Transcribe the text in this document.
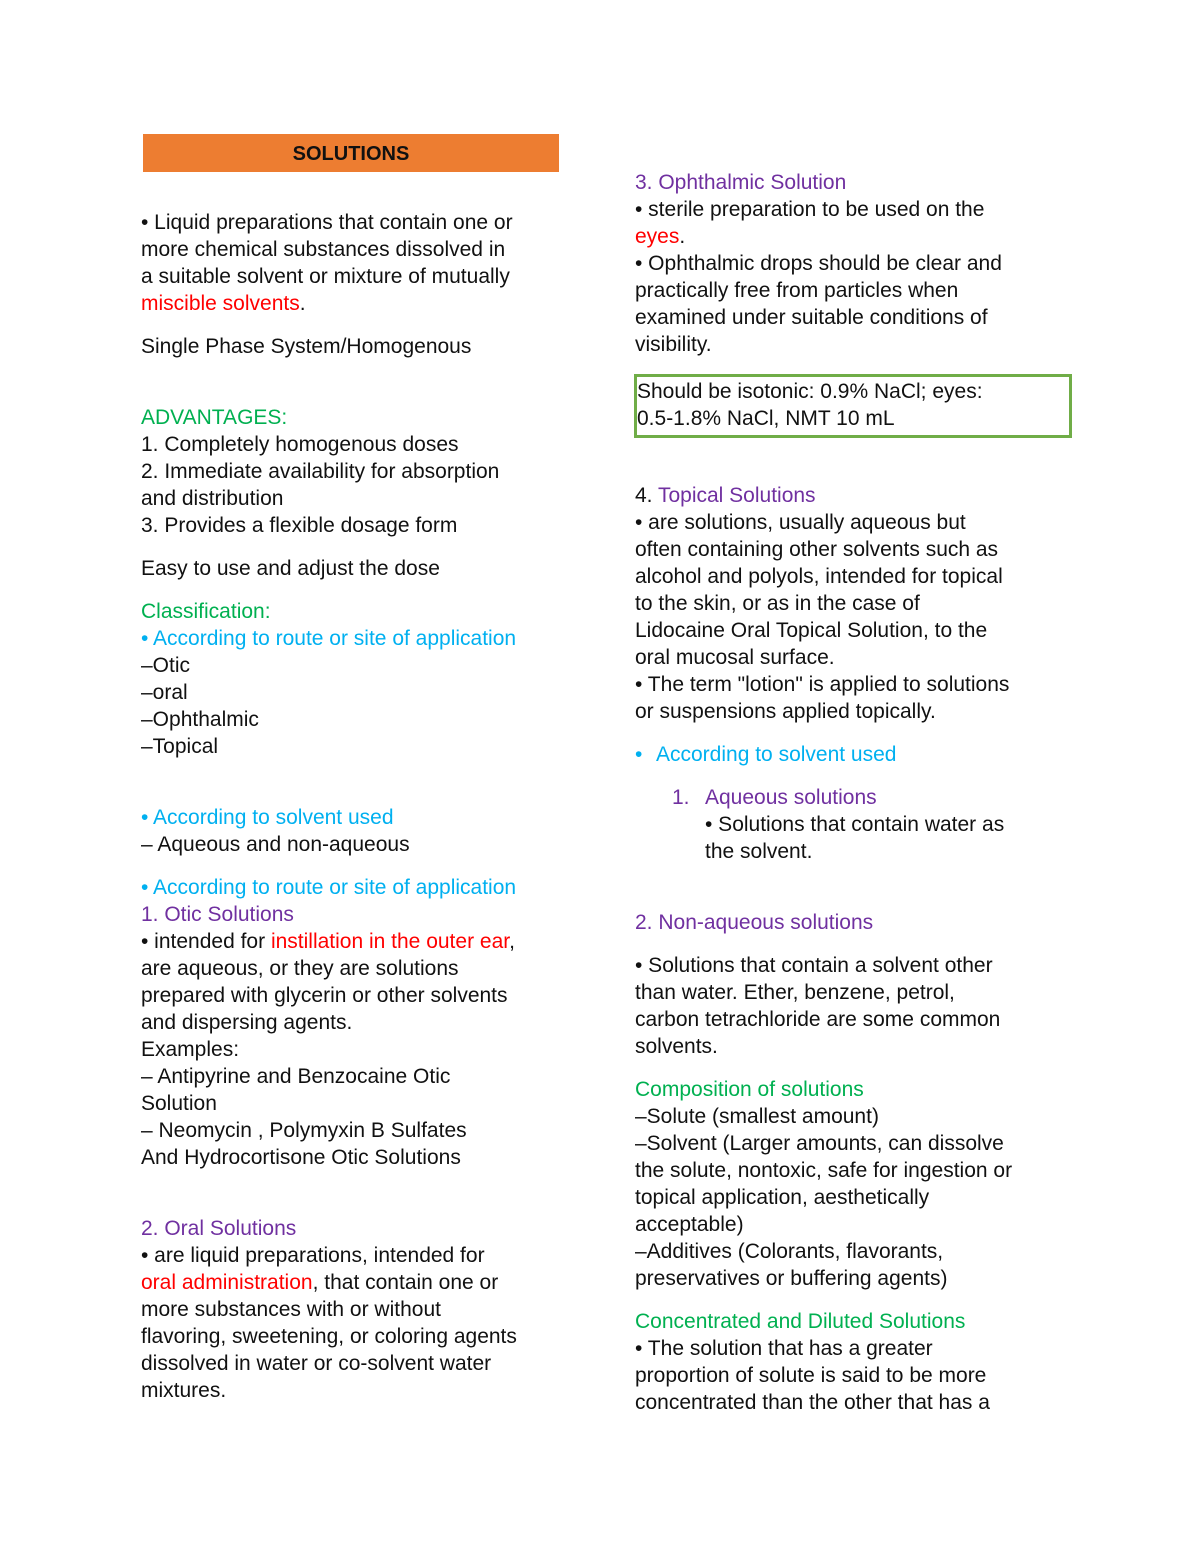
SOLUTIONS
• Liquid preparations that contain one or
more chemical substances dissolved in
a suitable solvent or mixture of mutually
miscible solvents.
Single Phase System/Homogenous
ADVANTAGES:
1. Completely homogenous doses
2. Immediate availability for absorption
and distribution
3. Provides a flexible dosage form
Easy to use and adjust the dose
Classification:
• According to route or site of application
–Otic
–oral
–Ophthalmic
–Topical
• According to solvent used
– Aqueous and non-aqueous
• According to route or site of application
1. Otic Solutions
• intended for instillation in the outer ear,
are aqueous, or they are solutions
prepared with glycerin or other solvents
and dispersing agents.
Examples:
– Antipyrine and Benzocaine Otic
Solution
– Neomycin , Polymyxin B Sulfates
And Hydrocortisone Otic Solutions
2. Oral Solutions
• are liquid preparations, intended for
oral administration, that contain one or
more substances with or without
flavoring, sweetening, or coloring agents
dissolved in water or co-solvent water
mixtures.
3. Ophthalmic Solution
• sterile preparation to be used on the
eyes.
• Ophthalmic drops should be clear and
practically free from particles when
examined under suitable conditions of
visibility.
Should be isotonic: 0.9% NaCl; eyes:
0.5-1.8% NaCl, NMT 10 mL
4. Topical Solutions
• are solutions, usually aqueous but
often containing other solvents such as
alcohol and polyols, intended for topical
to the skin, or as in the case of
Lidocaine Oral Topical Solution, to the
oral mucosal surface.
• The term "lotion" is applied to solutions
or suspensions applied topically.
• According to solvent used
1. Aqueous solutions
• Solutions that contain water as
the solvent.
2. Non-aqueous solutions
• Solutions that contain a solvent other
than water. Ether, benzene, petrol,
carbon tetrachloride are some common
solvents.
Composition of solutions
–Solute (smallest amount)
–Solvent (Larger amounts, can dissolve
the solute, nontoxic, safe for ingestion or
topical application, aesthetically
acceptable)
–Additives (Colorants, flavorants,
preservatives or buffering agents)
Concentrated and Diluted Solutions
• The solution that has a greater
proportion of solute is said to be more
concentrated than the other that has a
